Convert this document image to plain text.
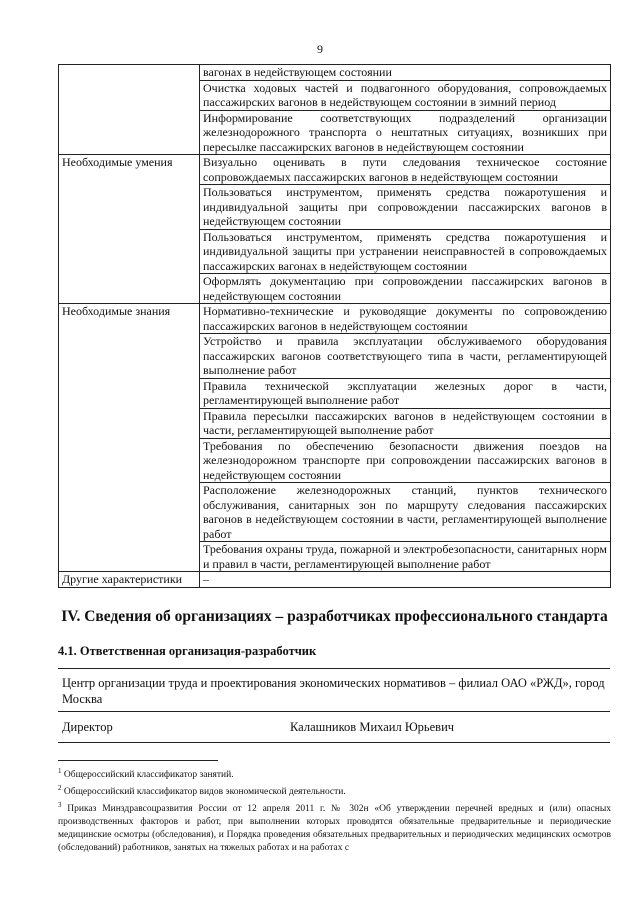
9
	вагонах в недействующем состоянии
	Очистка ходовых частей и подвагонного оборудования, сопровождаемых пассажирских вагонов в недействующем состоянии в зимний период
	Информирование соответствующих подразделений организации железнодорожного транспорта о нештатных ситуациях, возникших при пересылке пассажирских вагонов в недействующем состоянии
Необходимые умения	Визуально оценивать в пути следования техническое состояние сопровождаемых пассажирских вагонов в недействующем состоянии
	Пользоваться инструментом, применять средства пожаротушения и индивидуальной защиты при сопровождении пассажирских вагонов в недействующем состоянии
	Пользоваться инструментом, применять средства пожаротушения и индивидуальной защиты при устранении неисправностей в сопровождаемых пассажирских вагонах в недействующем состоянии
	Оформлять документацию при сопровождении пассажирских вагонов в недействующем состоянии
Необходимые знания	Нормативно-технические и руководящие документы по сопровождению пассажирских вагонов в недействующем состоянии
	Устройство и правила эксплуатации обслуживаемого оборудования пассажирских вагонов соответствующего типа в части, регламентирующей выполнение работ
	Правила технической эксплуатации железных дорог в части, регламентирующей выполнение работ
	Правила пересылки пассажирских вагонов в недействующем состоянии в части, регламентирующей выполнение работ
	Требования по обеспечению безопасности движения поездов на железнодорожном транспорте при сопровождении пассажирских вагонов в недействующем состоянии
	Расположение железнодорожных станций, пунктов технического обслуживания, санитарных зон по маршруту следования пассажирских вагонов в недействующем состоянии в части, регламентирующей выполнение работ
	Требования охраны труда, пожарной и электробезопасности, санитарных норм и правил в части, регламентирующей выполнение работ
Другие характеристики	–
IV. Сведения об организациях – разработчиках профессионального стандарта
4.1. Ответственная организация-разработчик
Центр организации труда и проектирования экономических нормативов – филиал ОАО «РЖД», город Москва
Директор	Калашников Михаил Юрьевич

$^1$ Общероссийский классификатор занятий.

$^2$ Общероссийский классификатор видов экономической деятельности.

$^3$ Приказ Минздравсоцразвития России от 12 апреля 2011 г. № 302н «Об утверждении перечней вредных и (или) опасных производственных факторов и работ, при выполнении которых проводятся обязательные предварительные и периодические медицинские осмотры (обследования), и Порядка проведения обязательных предварительных и периодических медицинских осмотров (обследований) работников, занятых на тяжелых работах и на работах с
